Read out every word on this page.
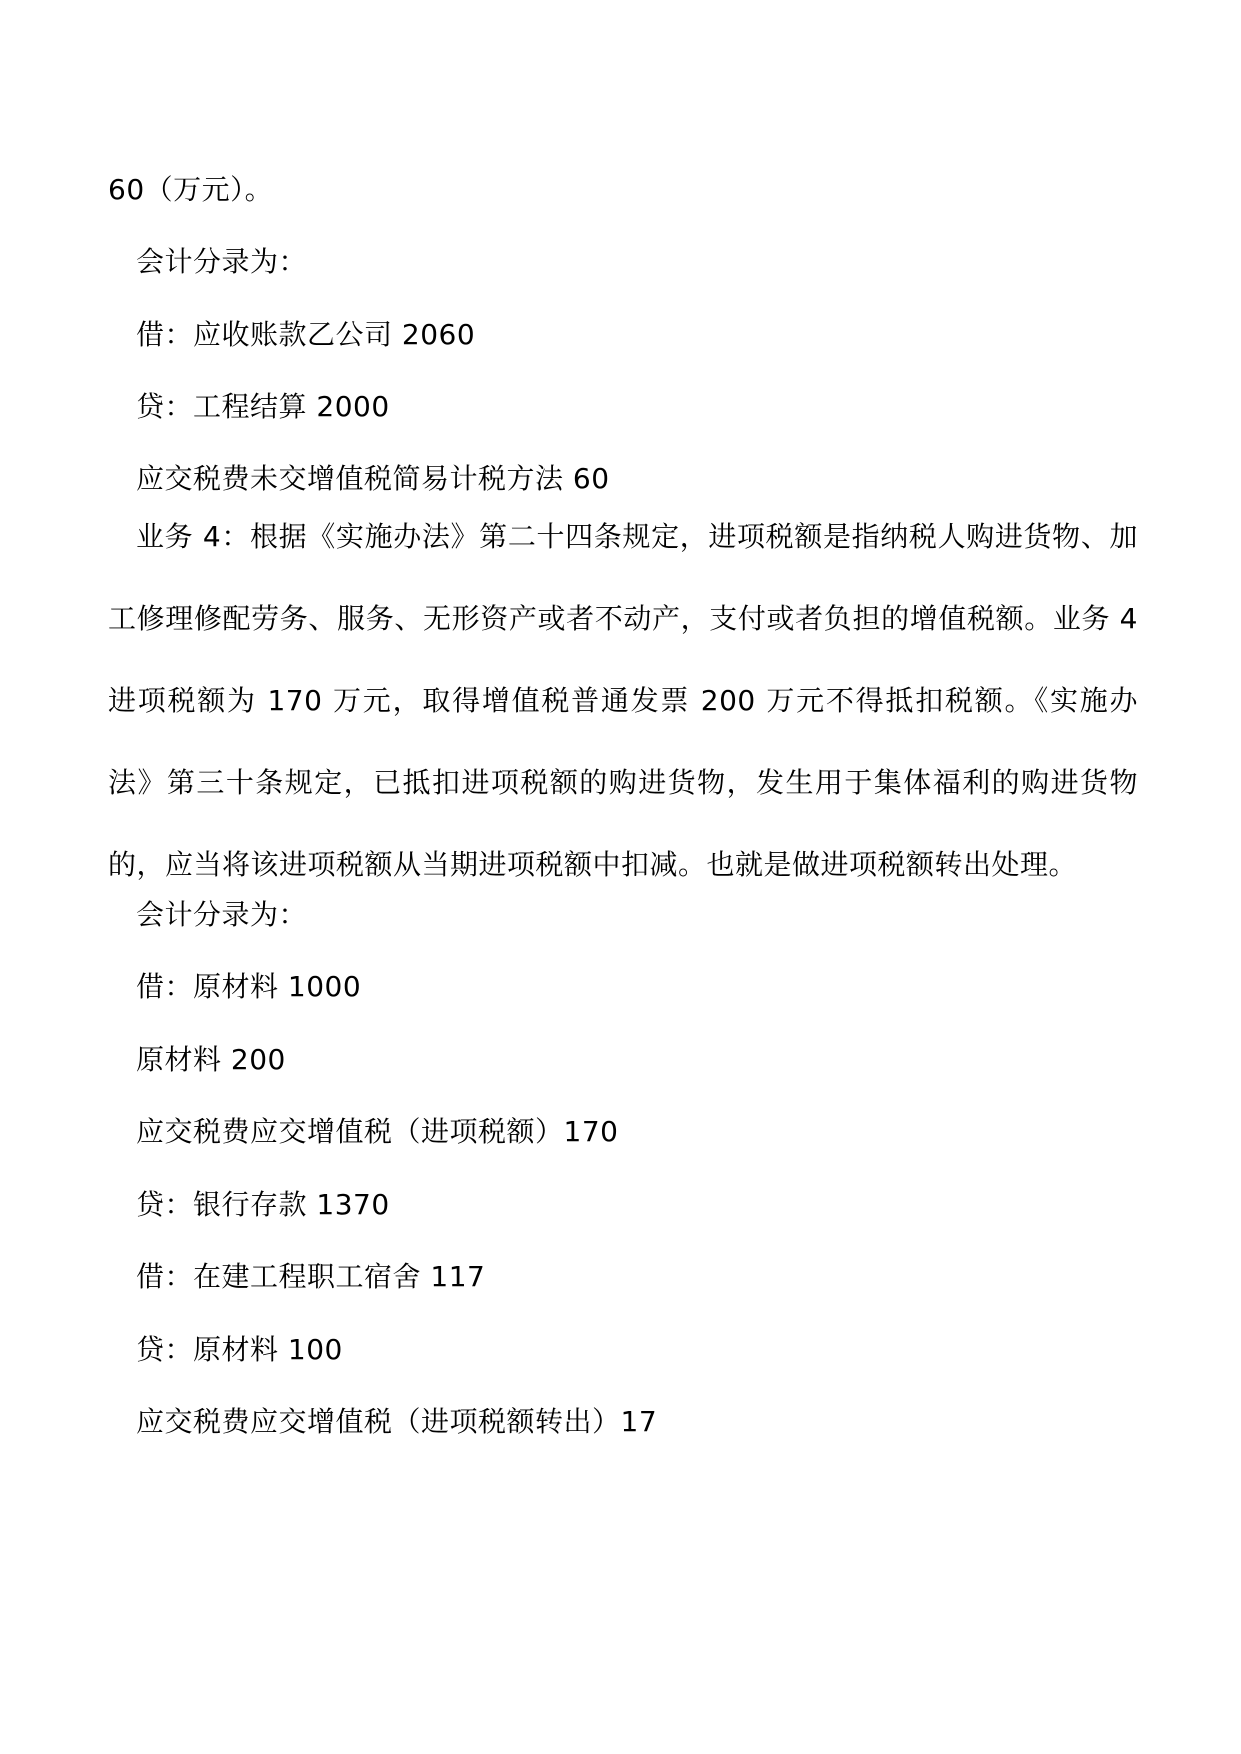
60（万元）。
会计分录为：
借：应收账款乙公司 2060
贷：工程结算 2000
应交税费未交增值税简易计税方法 60
业务 4：根据《实施办法》第二十四条规定，进项税额是指纳税人购进货物、加工修理修配劳务、服务、无形资产或者不动产，支付或者负担的增值税额。业务 4 进项税额为 170 万元，取得增值税普通发票 200 万元不得抵扣税额。《实施办法》第三十条规定，已抵扣进项税额的购进货物，发生用于集体福利的购进货物的，应当将该进项税额从当期进项税额中扣减。也就是做进项税额转出处理。
会计分录为：
借：原材料 1000
原材料 200
应交税费应交增值税（进项税额）170
贷：银行存款 1370
借：在建工程职工宿舍 117
贷：原材料 100
应交税费应交增值税（进项税额转出）17
